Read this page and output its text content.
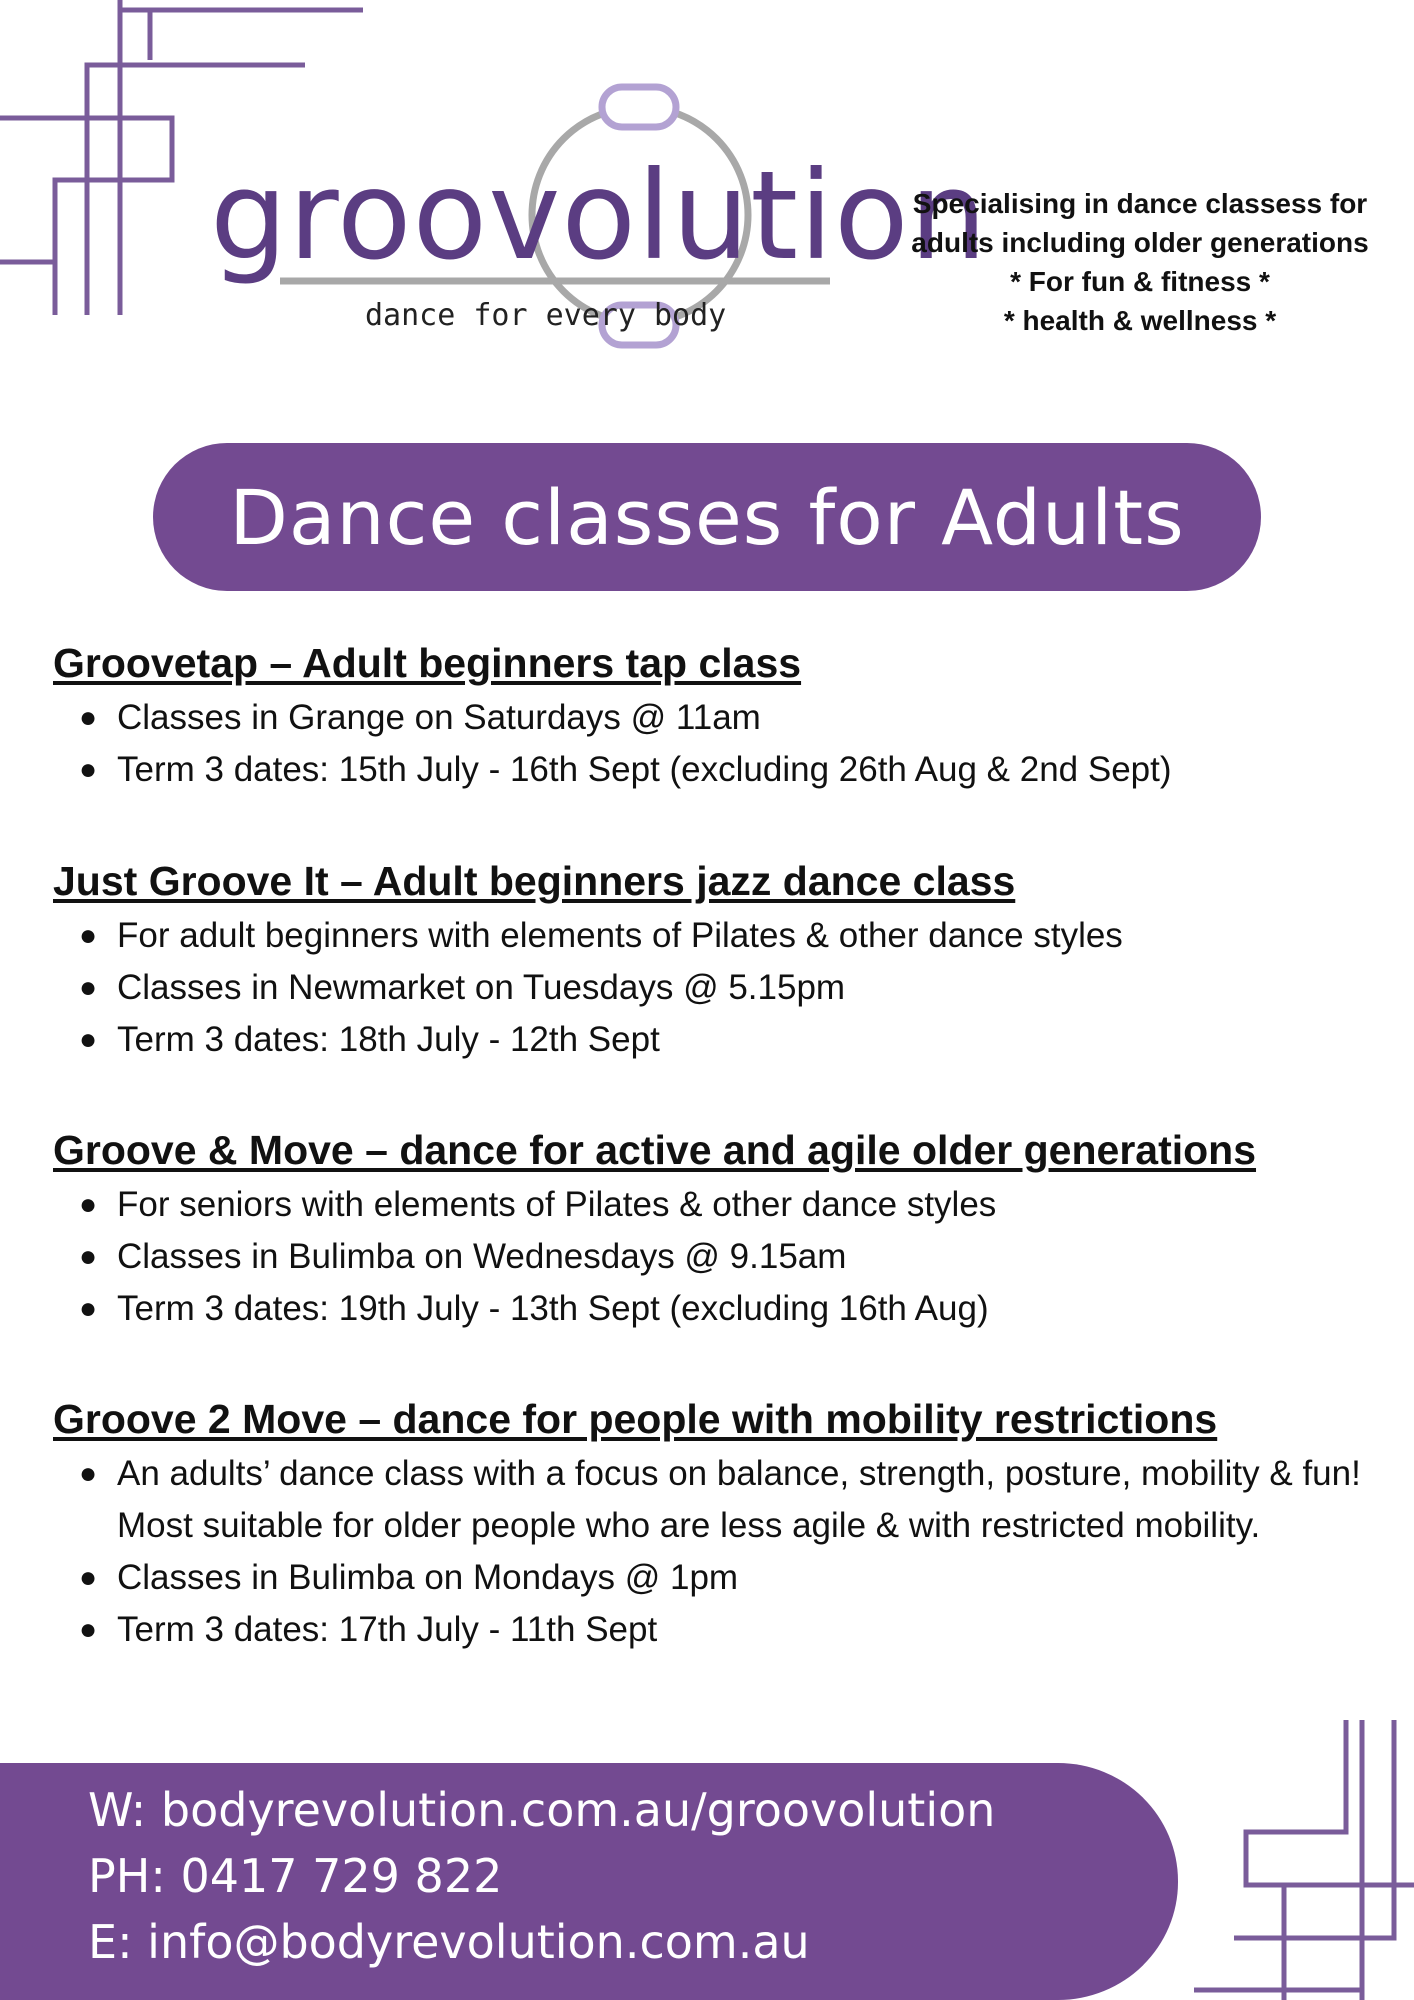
groovolution
dance for every body
Specialising in dance classess for
adults including older generations
* For fun & fitness *
* health & wellness *
Dance classes for Adults
Groovetap – Adult beginners tap class
● Classes in Grange on Saturdays @ 11am
● Term 3 dates: 15th July - 16th Sept (excluding 26th Aug & 2nd Sept)
Just Groove It – Adult beginners jazz dance class
● For adult beginners with elements of Pilates & other dance styles
● Classes in Newmarket on Tuesdays @ 5.15pm
● Term 3 dates: 18th July - 12th Sept
Groove & Move – dance for active and agile older generations
● For seniors with elements of Pilates & other dance styles
● Classes in Bulimba on Wednesdays @ 9.15am
● Term 3 dates: 19th July - 13th Sept (excluding 16th Aug)
Groove 2 Move – dance for people with mobility restrictions
● An adults’ dance class with a focus on balance, strength, posture, mobility & fun! Most suitable for older people who are less agile & with restricted mobility.
● Classes in Bulimba on Mondays @ 1pm
● Term 3 dates: 17th July - 11th Sept
W: bodyrevolution.com.au/groovolution
PH: 0417 729 822
E: info@bodyrevolution.com.au
